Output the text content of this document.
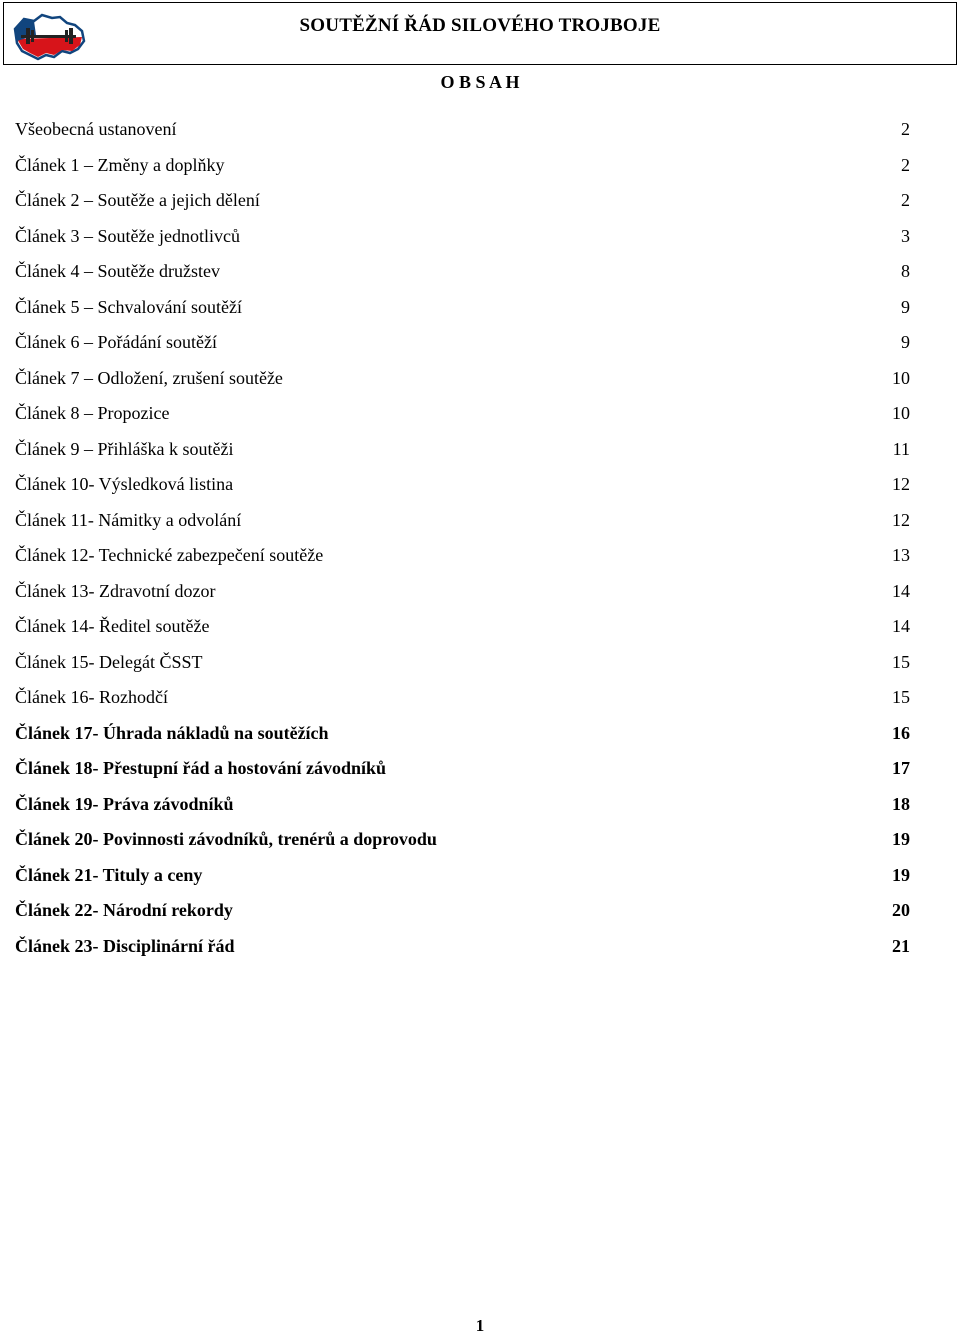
SOUTĚŽNÍ ŘÁD SILOVÉHO TROJBOJE
O B S A H
Všeobecná ustanovení	2
Článek 1 – Změny a doplňky	2
Článek 2 – Soutěže a jejich dělení	2
Článek 3 – Soutěže jednotlivců	3
Článek 4 – Soutěže družstev	8
Článek 5 – Schvalování soutěží	9
Článek 6 – Pořádání soutěží	9
Článek 7 – Odložení, zrušení soutěže	10
Článek 8 – Propozice	10
Článek 9 – Přihláška k soutěži	11
Článek 10- Výsledková listina	12
Článek 11- Námitky a odvolání	12
Článek 12- Technické zabezpečení soutěže	13
Článek 13- Zdravotní dozor	14
Článek 14- Ředitel soutěže	14
Článek 15- Delegát ČSST	15
Článek 16- Rozhodčí	15
Článek 17- Úhrada nákladů na soutěžích	16
Článek 18- Přestupní řád a hostování závodníků	17
Článek 19- Práva závodníků	18
Článek 20- Povinnosti závodníků, trenérů a doprovodu	19
Článek 21- Tituly a ceny	19
Článek 22- Národní rekordy	20
Článek 23- Disciplinární řád	21
1
